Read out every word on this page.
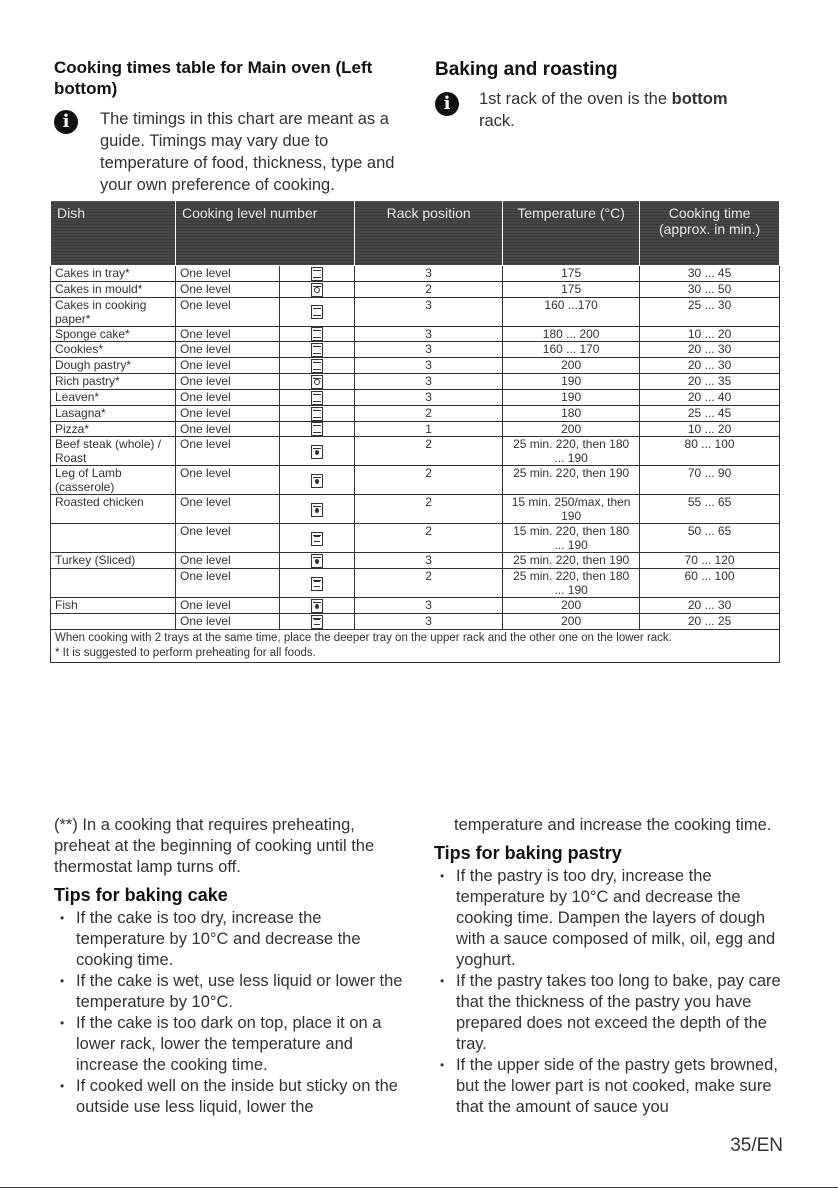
Cooking times table for Main oven (Left bottom)
i	The timings in this chart are meant as a guide. Timings may vary due to temperature of food, thickness, type and your own preference of cooking.

Baking and roasting
i	1st rack of the oven is the bottom rack.

Dish	Cooking level number		Rack position	Temperature (°C)	Cooking time (approx. in min.)
Cakes in tray*	One level		3	175	30 ... 45
Cakes in mould*	One level		2	175	30 ... 50
Cakes in cooking paper*	One level		3	160 ...170	25 ... 30
Sponge cake*	One level		3	180 ... 200	10 ... 20
Cookies*	One level		3	160 ... 170	20 ... 30
Dough pastry*	One level		3	200	20 ... 30
Rich pastry*	One level		3	190	20 ... 35
Leaven*	One level		3	190	20 ... 40
Lasagna*	One level		2	180	25 ... 45
Pizza*	One level		1	200	10 ... 20
Beef steak (whole) / Roast	One level		2	25 min. 220, then 180 ... 190	80 ... 100
Leg of Lamb (casserole)	One level		2	25 min. 220, then 190	70 ... 90
Roasted chicken	One level		2	15 min. 250/max, then 190	55 ... 65
	One level		2	15 min. 220, then 180 ... 190	50 ... 65
Turkey (Sliced)	One level		3	25 min. 220, then 190	70 ... 120
	One level		2	25 min. 220, then 180 ... 190	60 ... 100
Fish	One level		3	200	20 ... 30
	One level		3	200	20 ... 25

When cooking with 2 trays at the same time, place the deeper tray on the upper rack and the other one on the lower rack.
* It is suggested to perform preheating for all foods.					

(**) In a cooking that requires preheating, preheat at the beginning of cooking until the thermostat lamp turns off.

Tips for baking cake
• If the cake is too dry, increase the temperature by 10°C and decrease the cooking time.
• If the cake is wet, use less liquid or lower the temperature by 10°C.
• If the cake is too dark on top, place it on a lower rack, lower the temperature and increase the cooking time.
• If cooked well on the inside but sticky on the outside use less liquid, lower the

temperature and increase the cooking time.

Tips for baking pastry
• If the pastry is too dry, increase the temperature by 10°C and decrease the cooking time. Dampen the layers of dough with a sauce composed of milk, oil, egg and yoghurt.
• If the pastry takes too long to bake, pay care that the thickness of the pastry you have prepared does not exceed the depth of the tray.
• If the upper side of the pastry gets browned, but the lower part is not cooked, make sure that the amount of sauce you
35/EN
